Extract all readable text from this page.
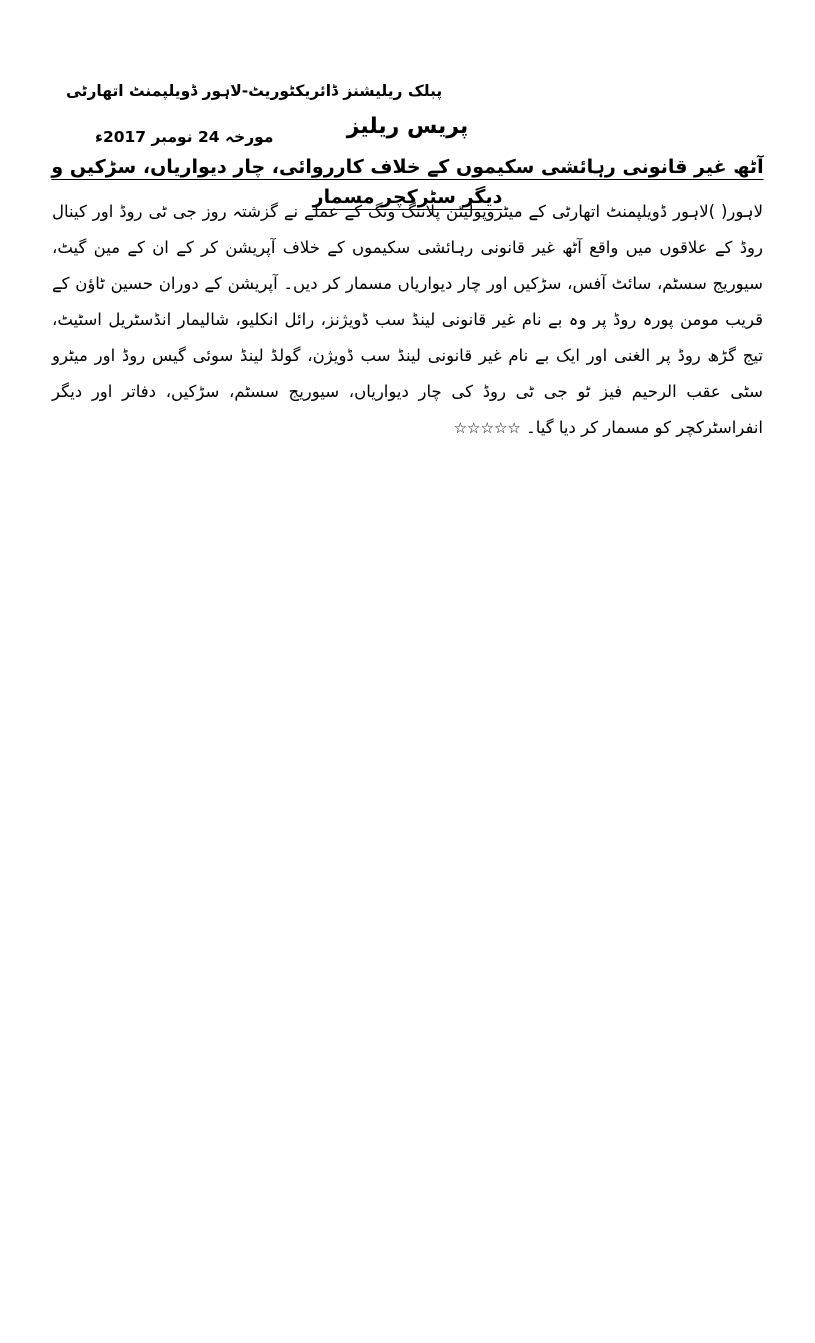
پبلک ریلیشنز ڈائریکٹوریٹ-لاہور ڈویلپمنٹ اتھارٹی
پریس ریلیز
مورخہ 24 نومبر 2017ء
آٹھ غیر قانونی رہائشی سکیموں کے خلاف کارروائی، چار دیواریاں، سڑکیں و دیگر سٹرکچر مسمار

لاہور( )لاہور ڈویلپمنٹ اتھارٹی کے میٹروپولیٹن پلاننگ ونگ کے عملے نے گزشتہ روز جی ٹی روڈ اور کینال روڈ کے علاقوں میں واقع آٹھ غیر قانونی رہائشی سکیموں کے خلاف آپریشن کر کے ان کے مین گیٹ، سیوریج سسٹم، سائٹ آفس، سڑکیں اور چار دیواریاں مسمار کر دیں۔ آپریشن کے دوران حسین ٹاؤن کے قریب مومن پورہ روڈ پر وہ بے نام غیر قانونی لینڈ سب ڈویژنز، رائل انکلیو، شالیمار انڈسٹریل اسٹیٹ، تیج گڑھ روڈ پر الغنی اور ایک بے نام غیر قانونی لینڈ سب ڈویژن، گولڈ لینڈ سوئی گیس روڈ اور میٹرو سٹی عقب الرحیم فیز ٹو جی ٹی روڈ کی چار دیواریاں، سیوریج سسٹم، سڑکیں، دفاتر اور دیگر انفراسٹرکچر کو مسمار کر دیا گیا۔ ☆☆☆☆☆
